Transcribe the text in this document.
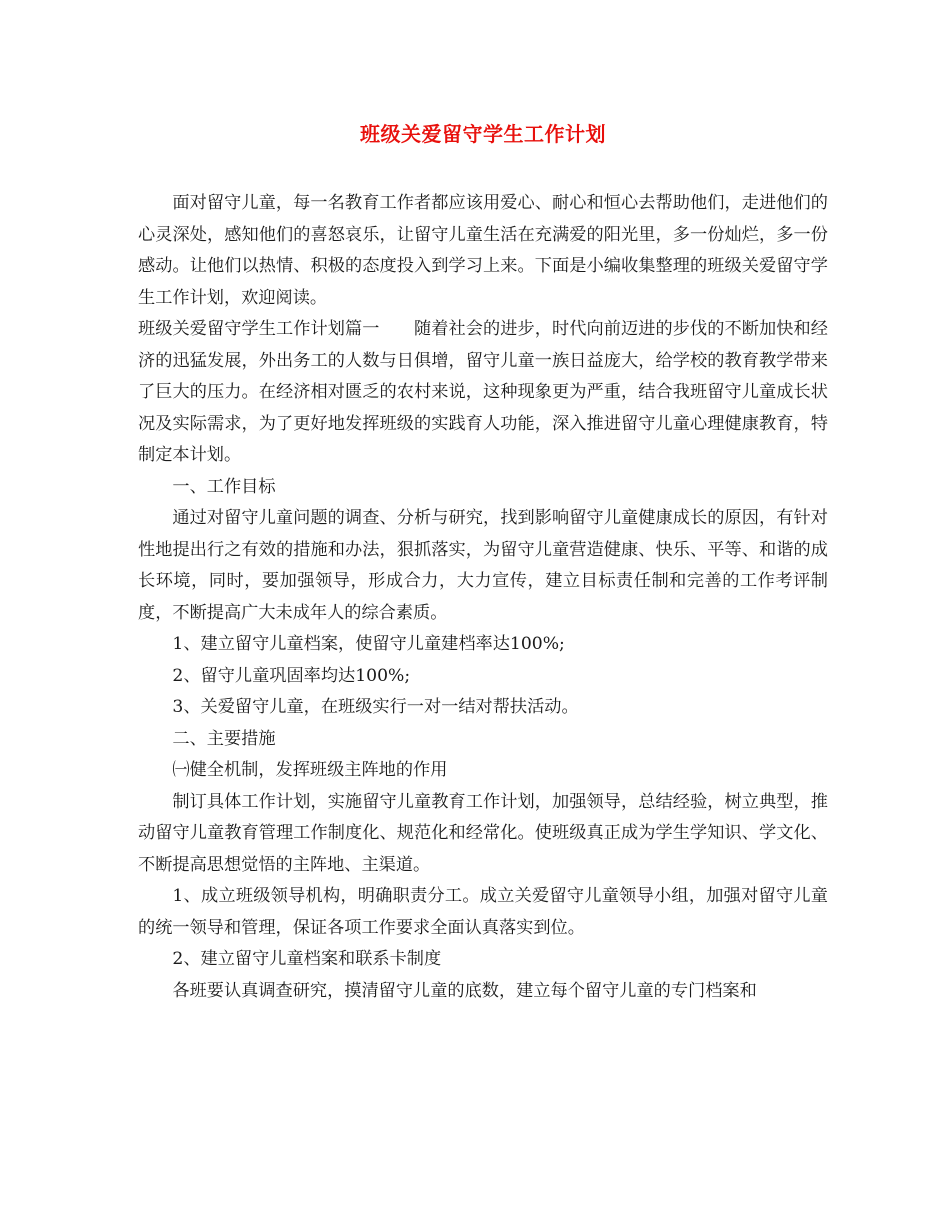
班级关爱留守学生工作计划

面对留守儿童，每一名教育工作者都应该用爱心、耐心和恒心去帮助他们，走进他们的心灵深处，感知他们的喜怒哀乐，让留守儿童生活在充满爱的阳光里，多一份灿烂，多一份感动。让他们以热情、积极的态度投入到学习上来。下面是小编收集整理的班级关爱留守学生工作计划，欢迎阅读。

班级关爱留守学生工作计划篇一　　随着社会的进步，时代向前迈进的步伐的不断加快和经济的迅猛发展，外出务工的人数与日俱增，留守儿童一族日益庞大，给学校的教育教学带来了巨大的压力。在经济相对匮乏的农村来说，这种现象更为严重，结合我班留守儿童成长状况及实际需求，为了更好地发挥班级的实践育人功能，深入推进留守儿童心理健康教育，特制定本计划。

一、工作目标

通过对留守儿童问题的调查、分析与研究，找到影响留守儿童健康成长的原因，有针对性地提出行之有效的措施和办法，狠抓落实，为留守儿童营造健康、快乐、平等、和谐的成长环境，同时，要加强领导，形成合力，大力宣传，建立目标责任制和完善的工作考评制度，不断提高广大未成年人的综合素质。

1、建立留守儿童档案，使留守儿童建档率达100%;

2、留守儿童巩固率均达100%;

3、关爱留守儿童，在班级实行一对一结对帮扶活动。

二、主要措施

㈠健全机制，发挥班级主阵地的作用

制订具体工作计划，实施留守儿童教育工作计划，加强领导，总结经验，树立典型，推动留守儿童教育管理工作制度化、规范化和经常化。使班级真正成为学生学知识、学文化、不断提高思想觉悟的主阵地、主渠道。

1、成立班级领导机构，明确职责分工。成立关爱留守儿童领导小组，加强对留守儿童的统一领导和管理，保证各项工作要求全面认真落实到位。

2、建立留守儿童档案和联系卡制度

各班要认真调查研究，摸清留守儿童的底数，建立每个留守儿童的专门档案和
